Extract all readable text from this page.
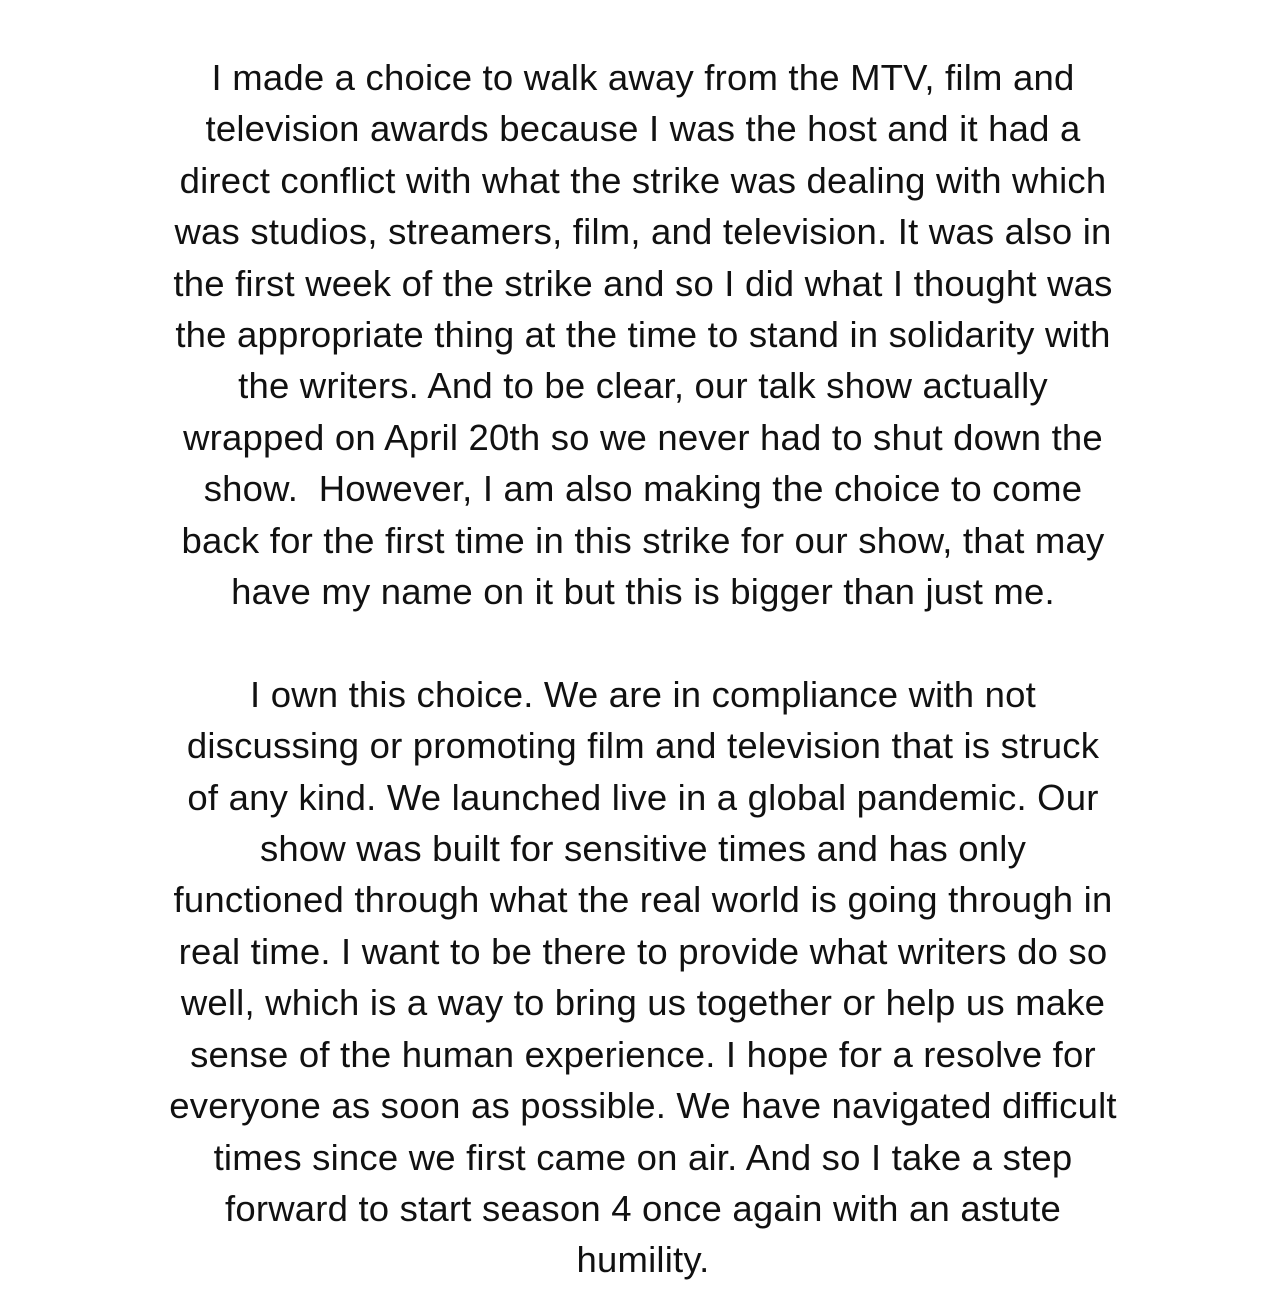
I made a choice to walk away from the MTV, film and
television awards because I was the host and it had a
direct conflict with what the strike was dealing with which
was studios, streamers, film, and television. It was also in
the first week of the strike and so I did what I thought was
the appropriate thing at the time to stand in solidarity with
the writers. And to be clear, our talk show actually
wrapped on April 20th so we never had to shut down the
show.  However, I am also making the choice to come
back for the first time in this strike for our show, that may
have my name on it but this is bigger than just me.

I own this choice. We are in compliance with not
discussing or promoting film and television that is struck
of any kind. We launched live in a global pandemic. Our
show was built for sensitive times and has only
functioned through what the real world is going through in
real time. I want to be there to provide what writers do so
well, which is a way to bring us together or help us make
sense of the human experience. I hope for a resolve for
everyone as soon as possible. We have navigated difficult
times since we first came on air. And so I take a step
forward to start season 4 once again with an astute
humility.
